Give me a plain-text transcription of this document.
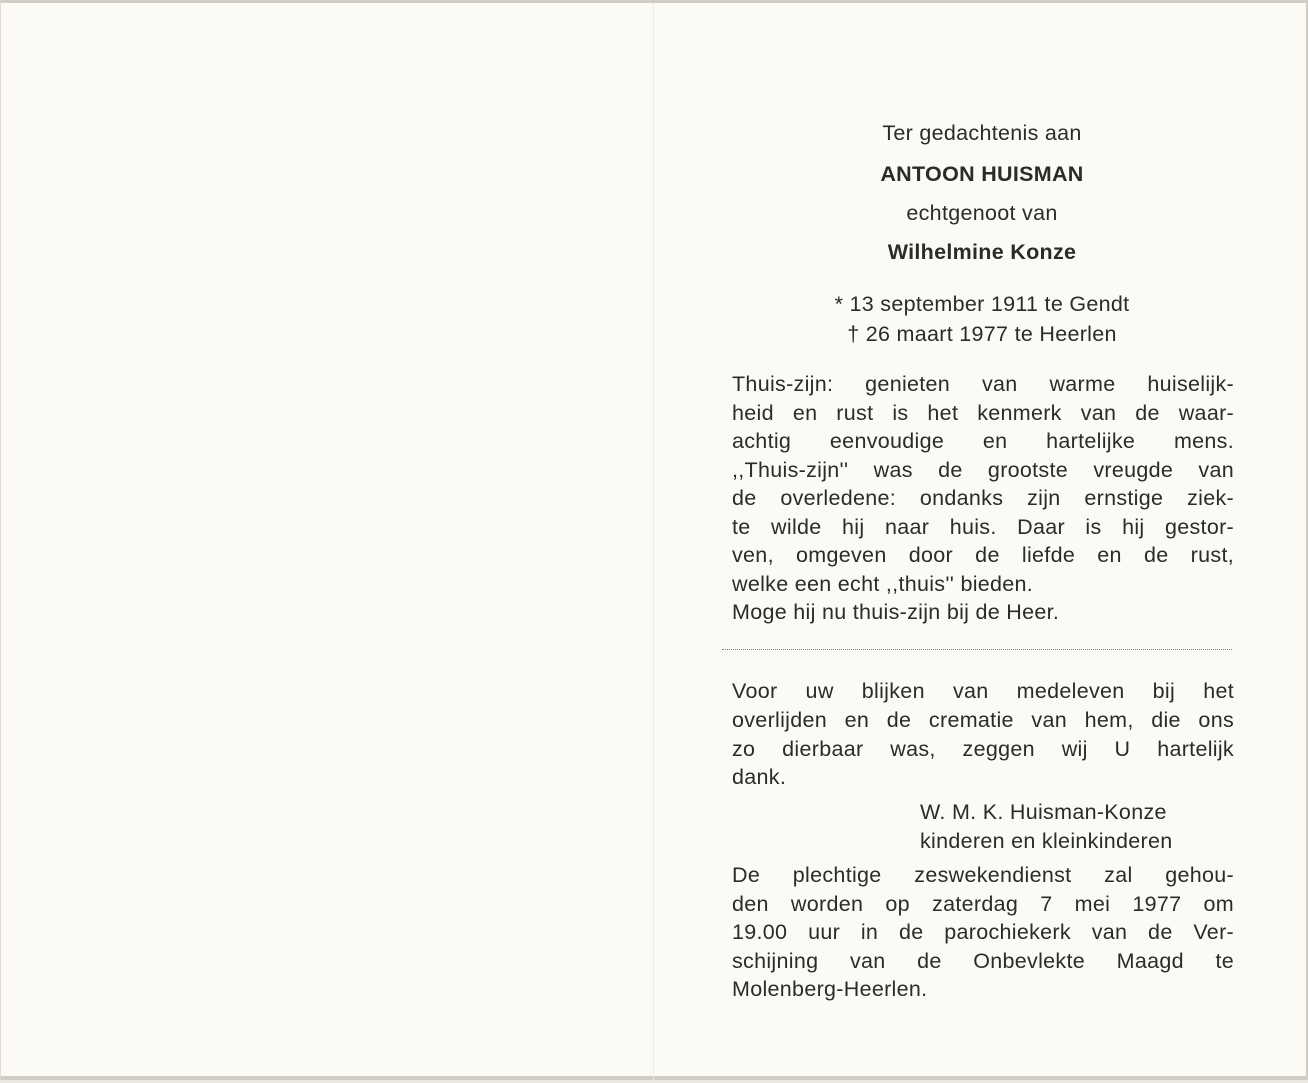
Ter gedachtenis aan
ANTOON HUISMAN
echtgenoot van
Wilhelmine Konze
* 13 september 1911 te Gendt
† 26 maart 1977 te Heerlen
Thuis-zijn: genieten van warme huiselijk-
heid en rust is het kenmerk van de waar-
achtig eenvoudige en hartelijke mens.
,,Thuis-zijn'' was de grootste vreugde van
de overledene: ondanks zijn ernstige ziek-
te wilde hij naar huis. Daar is hij gestor-
ven, omgeven door de liefde en de rust,
welke een echt ,,thuis'' bieden.
Moge hij nu thuis-zijn bij de Heer.
Voor uw blijken van medeleven bij het
overlijden en de crematie van hem, die ons
zo dierbaar was, zeggen wij U hartelijk
dank.
W. M. K. Huisman-Konze
kinderen en kleinkinderen
De plechtige zeswekendienst zal gehou-
den worden op zaterdag 7 mei 1977 om
19.00 uur in de parochiekerk van de Ver-
schijning van de Onbevlekte Maagd te
Molenberg-Heerlen.
